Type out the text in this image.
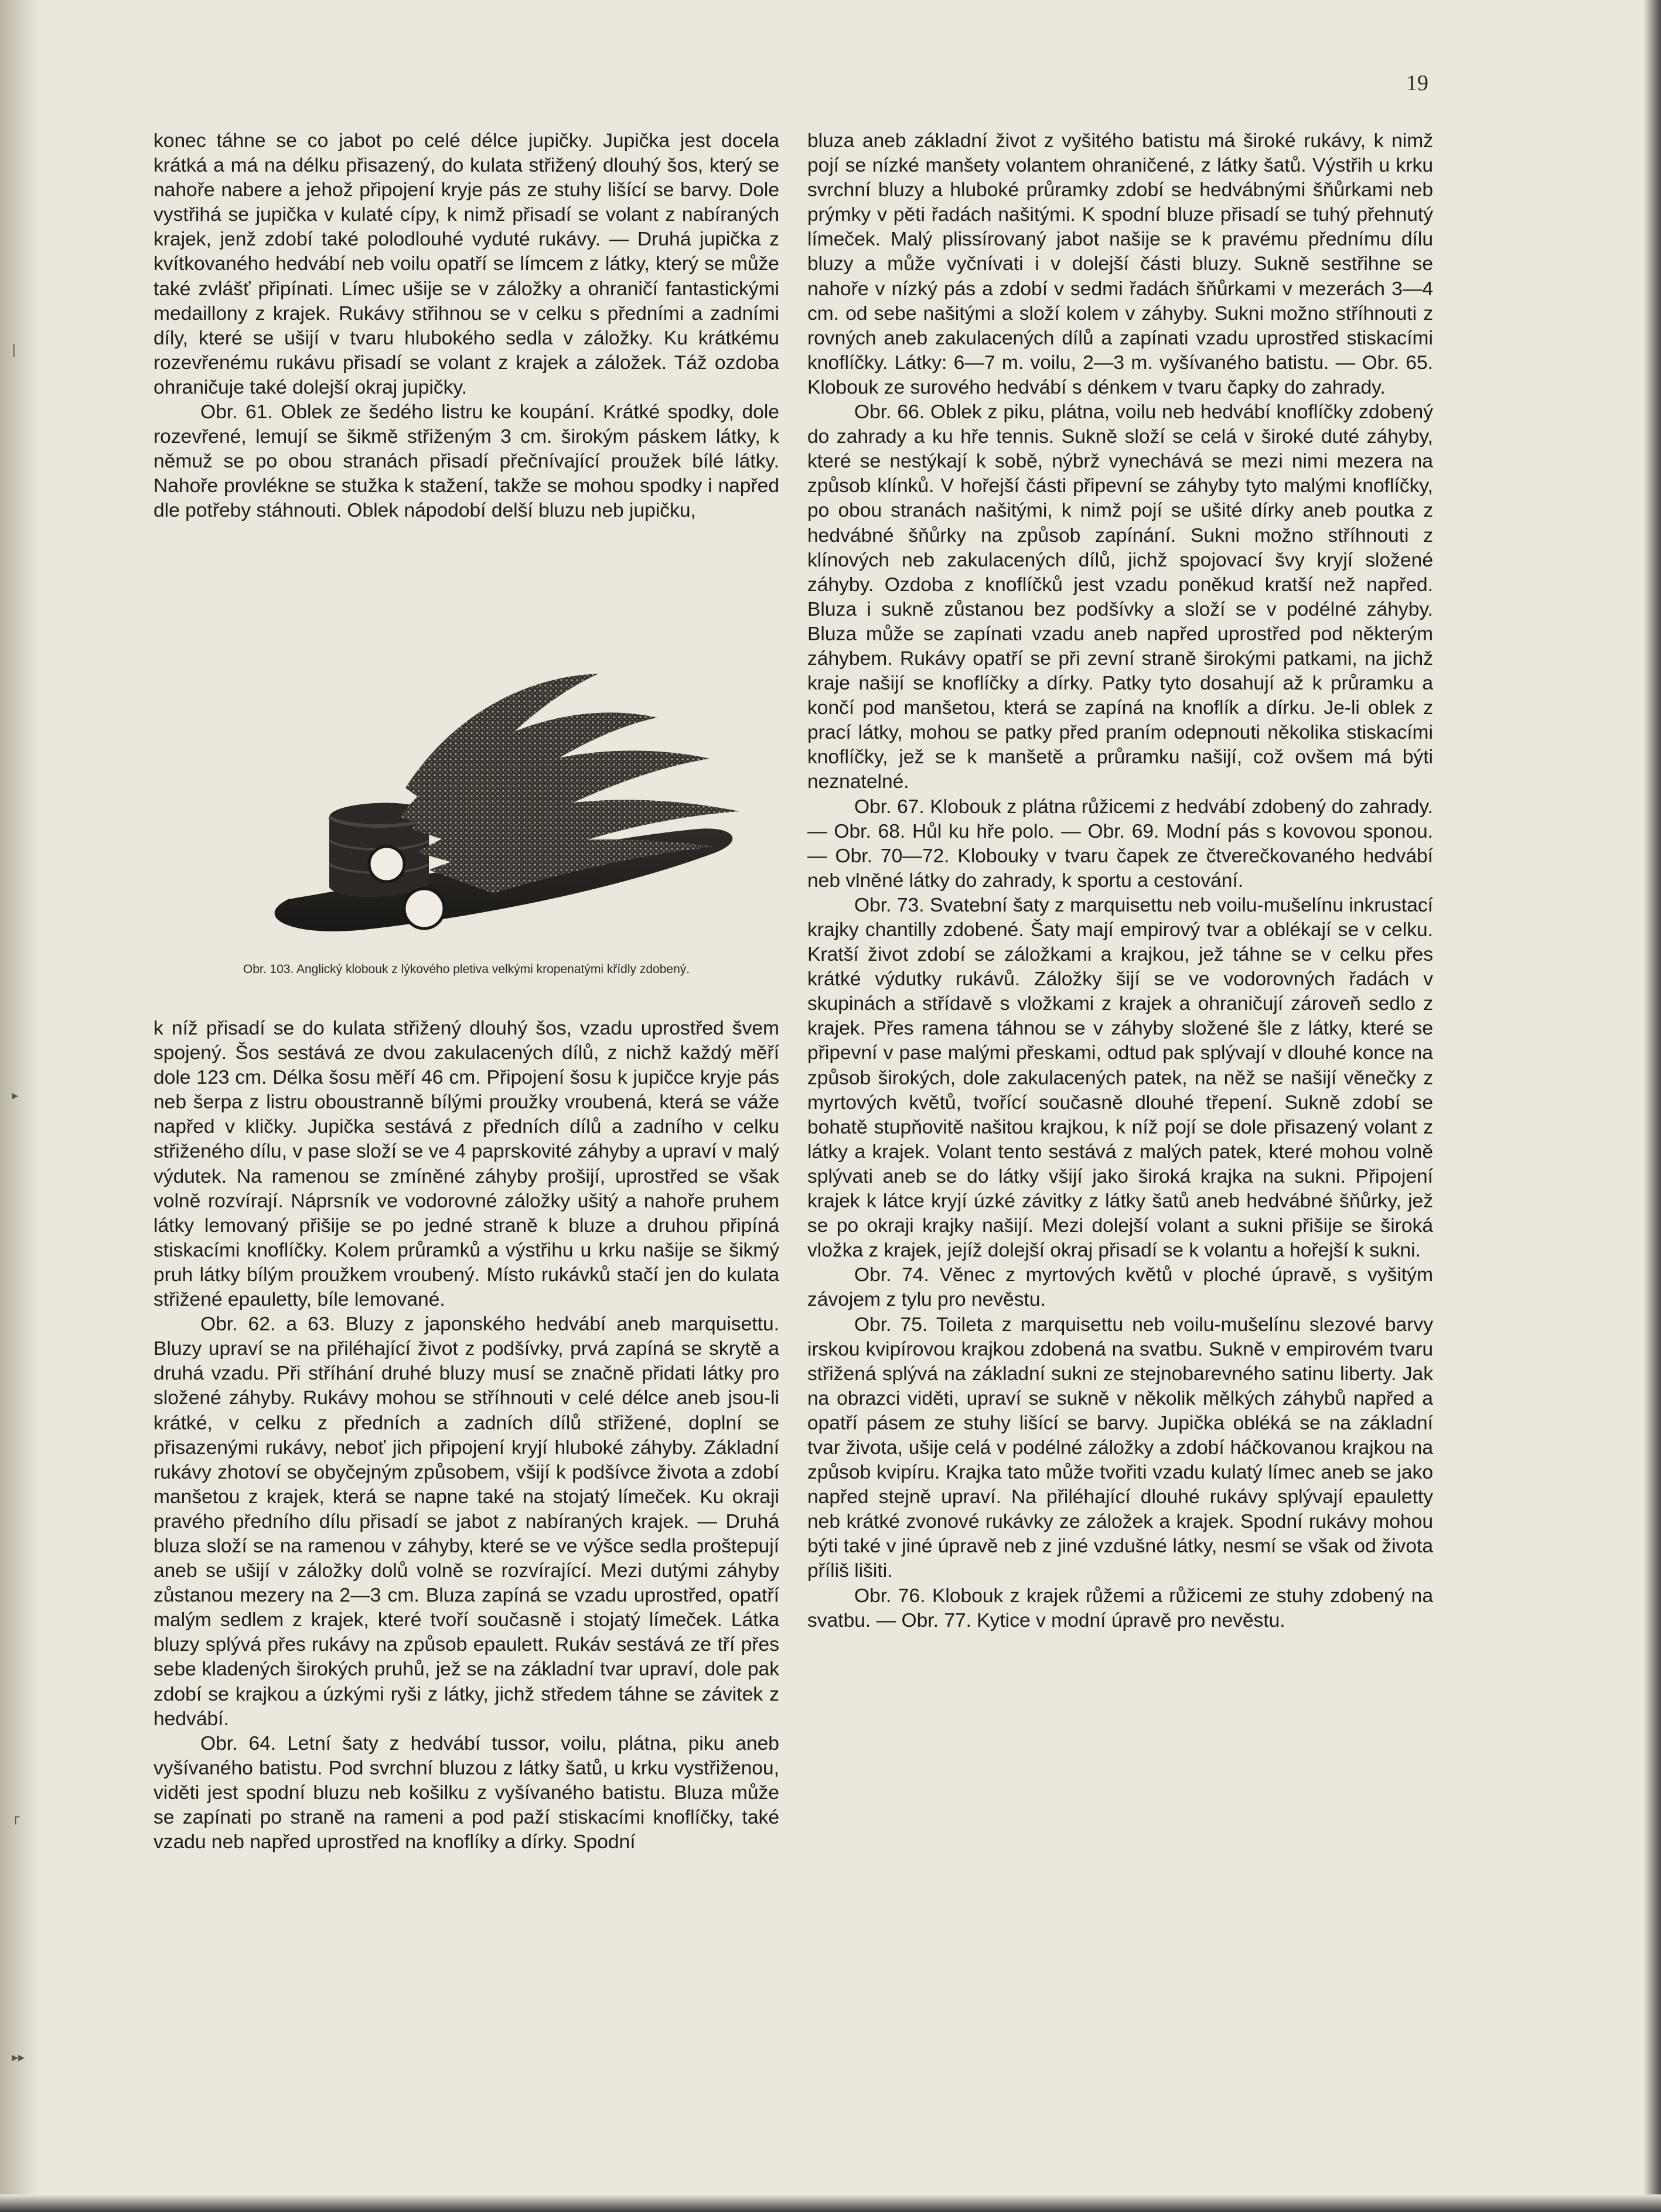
|
▸
┌
▸▸
19

konec táhne se co jabot po celé délce jupičky. Jupička jest docela krátká a má na délku přisazený, do kulata střižený dlouhý šos, který se nahoře nabere a jehož připojení kryje pás ze stuhy lišící se barvy. Dole vystřihá se jupička v kulaté cípy, k nimž přisadí se volant z nabíraných krajek, jenž zdobí také polodlouhé vyduté rukávy. — Druhá jupička z kvítkovaného hedvábí neb voilu opatří se límcem z látky, který se může také zvlášť připínati. Límec ušije se v záložky a ohraničí fantastickými medaillony z krajek. Rukávy střihnou se v celku s předními a zadními díly, které se ušijí v tvaru hlubokého sedla v záložky. Ku krátkému rozevřenému rukávu přisadí se volant z krajek a záložek. Táž ozdoba ohraničuje také dolejší okraj jupičky.

Obr. 61. Oblek ze šedého listru ke koupání. Krátké spodky, dole rozevřené, lemují se šikmě střiženým 3 cm. širokým páskem látky, k němuž se po obou stranách přisadí přečnívající proužek bílé látky. Nahoře provlékne se stužka k stažení, takže se mohou spodky i napřed dle potřeby stáhnouti. Oblek nápodobí delší bluzu neb jupičku,

Obr. 103. Anglický klobouk z lýkového pletiva velkými kropenatými křídly zdobený.

k níž přisadí se do kulata střižený dlouhý šos, vzadu uprostřed švem spojený. Šos sestává ze dvou zakulacených dílů, z nichž každý měří dole 123 cm. Délka šosu měří 46 cm. Připojení šosu k jupičce kryje pás neb šerpa z listru oboustranně bílými proužky vroubená, která se váže napřed v kličky. Jupička sestává z předních dílů a zadního v celku střiženého dílu, v pase složí se ve 4 paprskovité záhyby a upraví v malý výdutek. Na ramenou se zmíněné záhyby prošijí, uprostřed se však volně rozvírají. Náprsník ve vodorovné záložky ušitý a nahoře pruhem látky lemovaný přišije se po jedné straně k bluze a druhou připíná stiskacími knoflíčky. Kolem průramků a výstřihu u krku našije se šikmý pruh látky bílým proužkem vroubený. Místo rukávků stačí jen do kulata střižené epauletty, bíle lemované.

Obr. 62. a 63. Bluzy z japonského hedvábí aneb marquisettu. Bluzy upraví se na přiléhající život z podšívky, prvá zapíná se skrytě a druhá vzadu. Při stříhání druhé bluzy musí se značně přidati látky pro složené záhyby. Rukávy mohou se stříhnouti v celé délce aneb jsou-li krátké, v celku z předních a zadních dílů střižené, doplní se přisazenými rukávy, neboť jich připojení kryjí hluboké záhyby. Základní rukávy zhotoví se obyčejným způsobem, všijí k podšívce života a zdobí manšetou z krajek, která se napne také na stojatý límeček. Ku okraji pravého předního dílu přisadí se jabot z nabíraných krajek. — Druhá bluza složí se na ramenou v záhyby, které se ve výšce sedla proštepují aneb se ušijí v záložky dolů volně se rozvírající. Mezi dutými záhyby zůstanou mezery na 2—3 cm. Bluza zapíná se vzadu uprostřed, opatří malým sedlem z krajek, které tvoří současně i stojatý límeček. Látka bluzy splývá přes rukávy na způsob epaulett. Rukáv sestává ze tří přes sebe kladených širokých pruhů, jež se na základní tvar upraví, dole pak zdobí se krajkou a úzkými ryši z látky, jichž středem táhne se závitek z hedvábí.

Obr. 64. Letní šaty z hedvábí tussor, voilu, plátna, piku aneb vyšívaného batistu. Pod svrchní bluzou z látky šatů, u krku vystřiženou, viděti jest spodní bluzu neb košilku z vyšívaného batistu. Bluza může se zapínati po straně na rameni a pod paží stiskacími knoflíčky, také vzadu neb napřed uprostřed na knoflíky a dírky. Spodní

bluza aneb základní život z vyšitého batistu má široké rukávy, k nimž pojí se nízké manšety volantem ohraničené, z látky šatů. Výstřih u krku svrchní bluzy a hluboké průramky zdobí se hedvábnými šňůrkami neb prýmky v pěti řadách našitými. K spodní bluze přisadí se tuhý přehnutý límeček. Malý plissírovaný jabot našije se k pravému přednímu dílu bluzy a může vyčnívati i v dolejší části bluzy. Sukně sestřihne se nahoře v nízký pás a zdobí v sedmi řadách šňůrkami v mezerách 3—4 cm. od sebe našitými a složí kolem v záhyby. Sukni možno stříhnouti z rovných aneb zakulacených dílů a zapínati vzadu uprostřed stiskacími knoflíčky. Látky: 6—7 m. voilu, 2—3 m. vyšívaného batistu. — Obr. 65. Klobouk ze surového hedvábí s dénkem v tvaru čapky do zahrady.

Obr. 66. Oblek z piku, plátna, voilu neb hedvábí knoflíčky zdobený do zahrady a ku hře tennis. Sukně složí se celá v široké duté záhyby, které se nestýkají k sobě, nýbrž vynechává se mezi nimi mezera na způsob klínků. V hořejší části připevní se záhyby tyto malými knoflíčky, po obou stranách našitými, k nimž pojí se ušité dírky aneb poutka z hedvábné šňůrky na způsob zapínání. Sukni možno stříhnouti z klínových neb zakulacených dílů, jichž spojovací švy kryjí složené záhyby. Ozdoba z knoflíčků jest vzadu poněkud kratší než napřed. Bluza i sukně zůstanou bez podšívky a složí se v podélné záhyby. Bluza může se zapínati vzadu aneb napřed uprostřed pod některým záhybem. Rukávy opatří se při zevní straně širokými patkami, na jichž kraje našijí se knoflíčky a dírky. Patky tyto dosahují až k průramku a končí pod manšetou, která se zapíná na knoflík a dírku. Je-li oblek z prací látky, mohou se patky před praním odepnouti několika stiskacími knoflíčky, jež se k manšetě a průramku našijí, což ovšem má býti neznatelné.

Obr. 67. Klobouk z plátna růžicemi z hedvábí zdobený do zahrady. — Obr. 68. Hůl ku hře polo. — Obr. 69. Modní pás s kovovou sponou. — Obr. 70—72. Klobouky v tvaru čapek ze čtverečkovaného hedvábí neb vlněné látky do zahrady, k sportu a cestování.

Obr. 73. Svatební šaty z marquisettu neb voilu-mušelínu inkrustací krajky chantilly zdobené. Šaty mají empirový tvar a oblékají se v celku. Kratší život zdobí se záložkami a krajkou, jež táhne se v celku přes krátké výdutky rukávů. Záložky šijí se ve vodorovných řadách v skupinách a střídavě s vložkami z krajek a ohraničují zároveň sedlo z krajek. Přes ramena táhnou se v záhyby složené šle z látky, které se připevní v pase malými přeskami, odtud pak splývají v dlouhé konce na způsob širokých, dole zakulacených patek, na něž se našijí věnečky z myrtových květů, tvořící současně dlouhé třepení. Sukně zdobí se bohatě stupňovitě našitou krajkou, k níž pojí se dole přisazený volant z látky a krajek. Volant tento sestává z malých patek, které mohou volně splývati aneb se do látky všijí jako široká krajka na sukni. Připojení krajek k látce kryjí úzké závitky z látky šatů aneb hedvábné šňůrky, jež se po okraji krajky našijí. Mezi dolejší volant a sukni přišije se široká vložka z krajek, jejíž dolejší okraj přisadí se k volantu a hořejší k sukni.

Obr. 74. Věnec z myrtových květů v ploché úpravě, s vyšitým závojem z tylu pro nevěstu.

Obr. 75. Toileta z marquisettu neb voilu-mušelínu slezové barvy irskou kvipírovou krajkou zdobená na svatbu. Sukně v empirovém tvaru střižená splývá na základní sukni ze stejnobarevného satinu liberty. Jak na obrazci viděti, upraví se sukně v několik mělkých záhybů napřed a opatří pásem ze stuhy lišící se barvy. Jupička obléká se na základní tvar života, ušije celá v podélné záložky a zdobí háčkovanou krajkou na způsob kvipíru. Krajka tato může tvořiti vzadu kulatý límec aneb se jako napřed stejně upraví. Na přiléhající dlouhé rukávy splývají epauletty neb krátké zvonové rukávky ze záložek a krajek. Spodní rukávy mohou býti také v jiné úpravě neb z jiné vzdušné látky, nesmí se však od života příliš lišiti.

Obr. 76. Klobouk z krajek růžemi a růžicemi ze stuhy zdobený na svatbu. — Obr. 77. Kytice v modní úpravě pro nevěstu.
